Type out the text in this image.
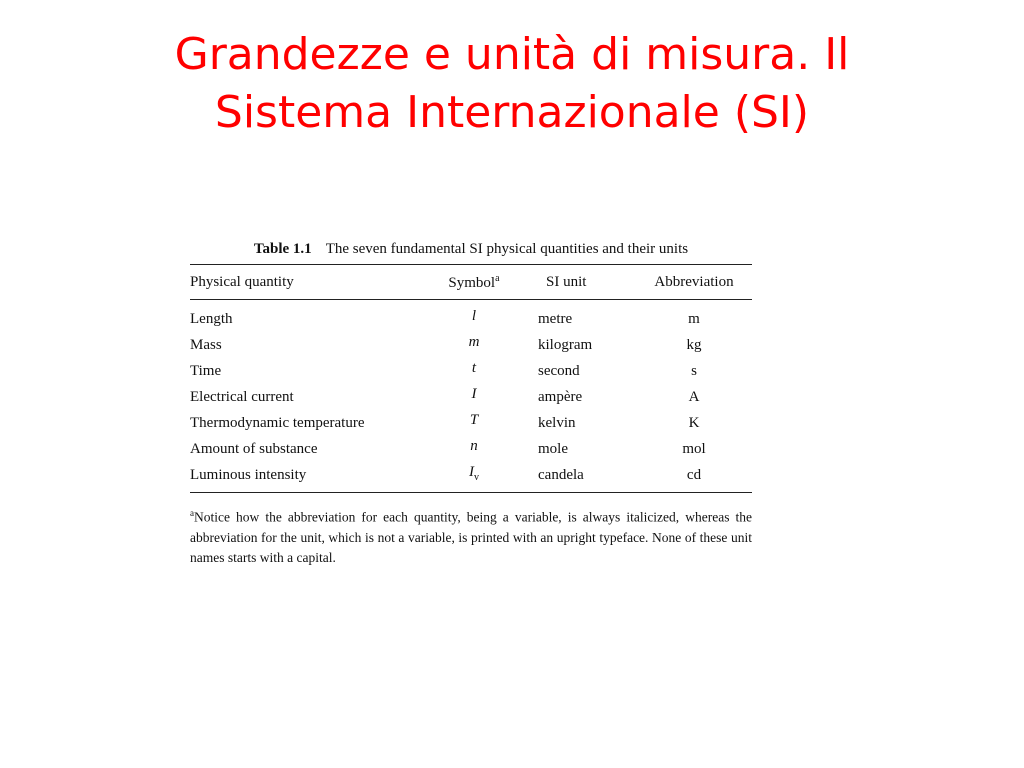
Grandezze e unità di misura. Il
Sistema Internazionale (SI)
Table 1.1 The seven fundamental SI physical quantities and their units
Physical quantity	Symbol$^a$	SI unit	Abbreviation

Length	l	metre	m
Mass	m	kilogram	kg
Time	t	second	s
Electrical current	I	ampère	A
Thermodynamic temperature	T	kelvin	K
Amount of substance	n	mole	mol
Luminous intensity	$I_v$	candela	cd
$^a$Notice how the abbreviation for each quantity, being a variable, is always italicized, whereas the abbreviation for the unit, which is not a variable, is printed with an upright typeface. None of these unit names starts with a capital.
